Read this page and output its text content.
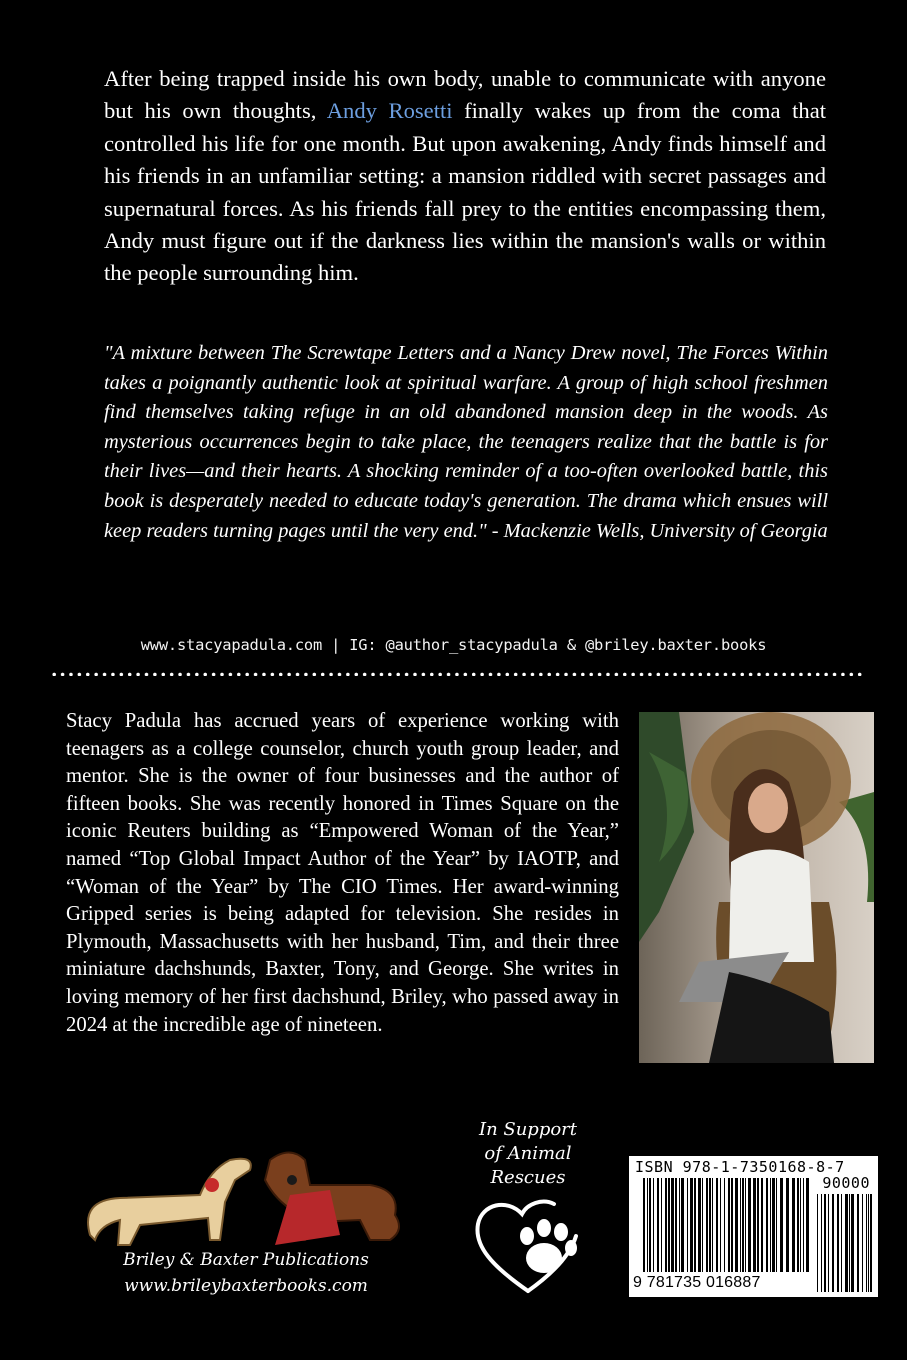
After being trapped inside his own body, unable to communicate with anyone but his own thoughts, Andy Rosetti finally wakes up from the coma that controlled his life for one month. But upon awakening, Andy finds himself and his friends in an unfamiliar setting: a mansion riddled with secret passages and supernatural forces. As his friends fall prey to the entities encompassing them, Andy must figure out if the darkness lies within the mansion's walls or within the people surrounding him.
"A mixture between The Screwtape Letters and a Nancy Drew novel, The Forces Within takes a poignantly authentic look at spiritual warfare. A group of high school freshmen find themselves taking refuge in an old abandoned mansion deep in the woods. As mysterious occurrences begin to take place, the teenagers realize that the battle is for their lives—and their hearts. A shocking reminder of a too-often overlooked battle, this book is desperately needed to educate today's generation. The drama which ensues will keep readers turning pages until the very end." - Mackenzie Wells, University of Georgia
www.stacyapadula.com | IG: @author_stacypadula & @briley.baxter.books
Stacy Padula has accrued years of experience working with teenagers as a college counselor, church youth group leader, and mentor. She is the owner of four businesses and the author of fifteen books. She was recently honored in Times Square on the iconic Reuters building as “Empowered Woman of the Year,” named “Top Global Impact Author of the Year” by IAOTP, and “Woman of the Year” by The CIO Times. Her award-winning Gripped series is being adapted for television. She resides in Plymouth, Massachusetts with her husband, Tim, and their three miniature dachshunds, Baxter, Tony, and George. She writes in loving memory of her first dachshund, Briley, who passed away in 2024 at the incredible age of nineteen.
Briley & Baxter Publications
www.brileybaxterbooks.com
In Support
of Animal
Rescues	ISBN 978-1-7350168-8-7
90000
9 781735 016887
